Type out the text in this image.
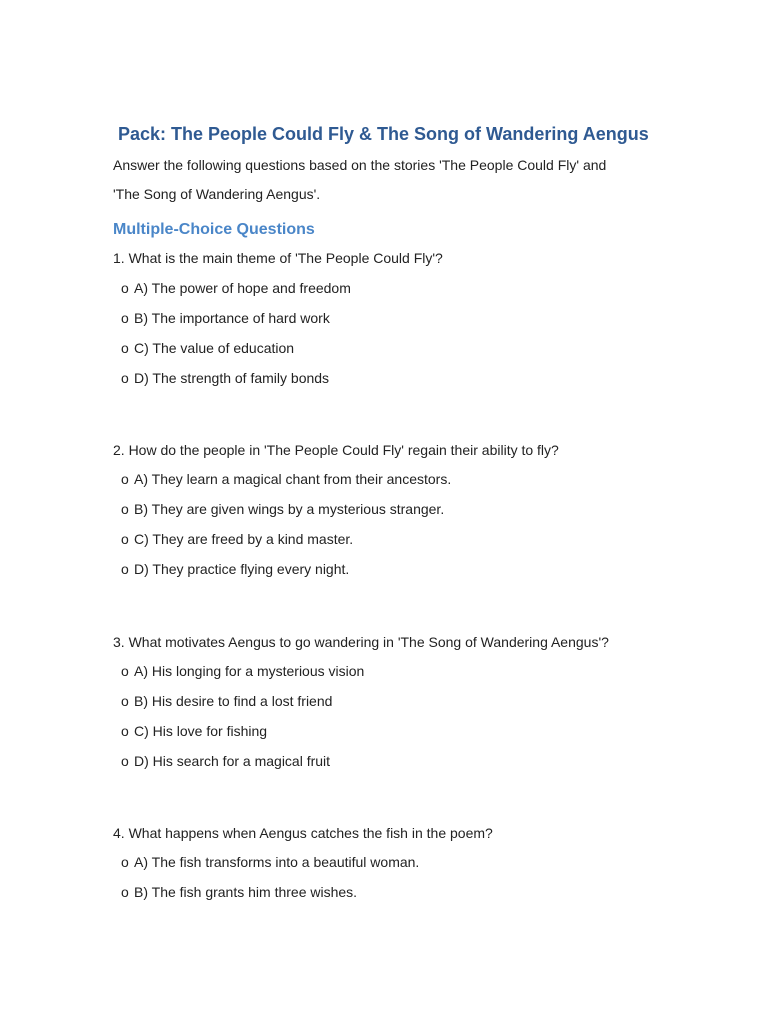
Pack: The People Could Fly & The Song of Wandering Aengus

Answer the following questions based on the stories 'The People Could Fly' and
'The Song of Wandering Aengus'.

Multiple-Choice Questions

1. What is the main theme of 'The People Could Fly'?

o A) The power of hope and freedom
o B) The importance of hard work
o C) The value of education
o D) The strength of family bonds

2. How do the people in 'The People Could Fly' regain their ability to fly?

o A) They learn a magical chant from their ancestors.
o B) They are given wings by a mysterious stranger.
o C) They are freed by a kind master.
o D) They practice flying every night.

3. What motivates Aengus to go wandering in 'The Song of Wandering Aengus'?

o A) His longing for a mysterious vision
o B) His desire to find a lost friend
o C) His love for fishing
o D) His search for a magical fruit

4. What happens when Aengus catches the fish in the poem?

o A) The fish transforms into a beautiful woman.
o B) The fish grants him three wishes.
